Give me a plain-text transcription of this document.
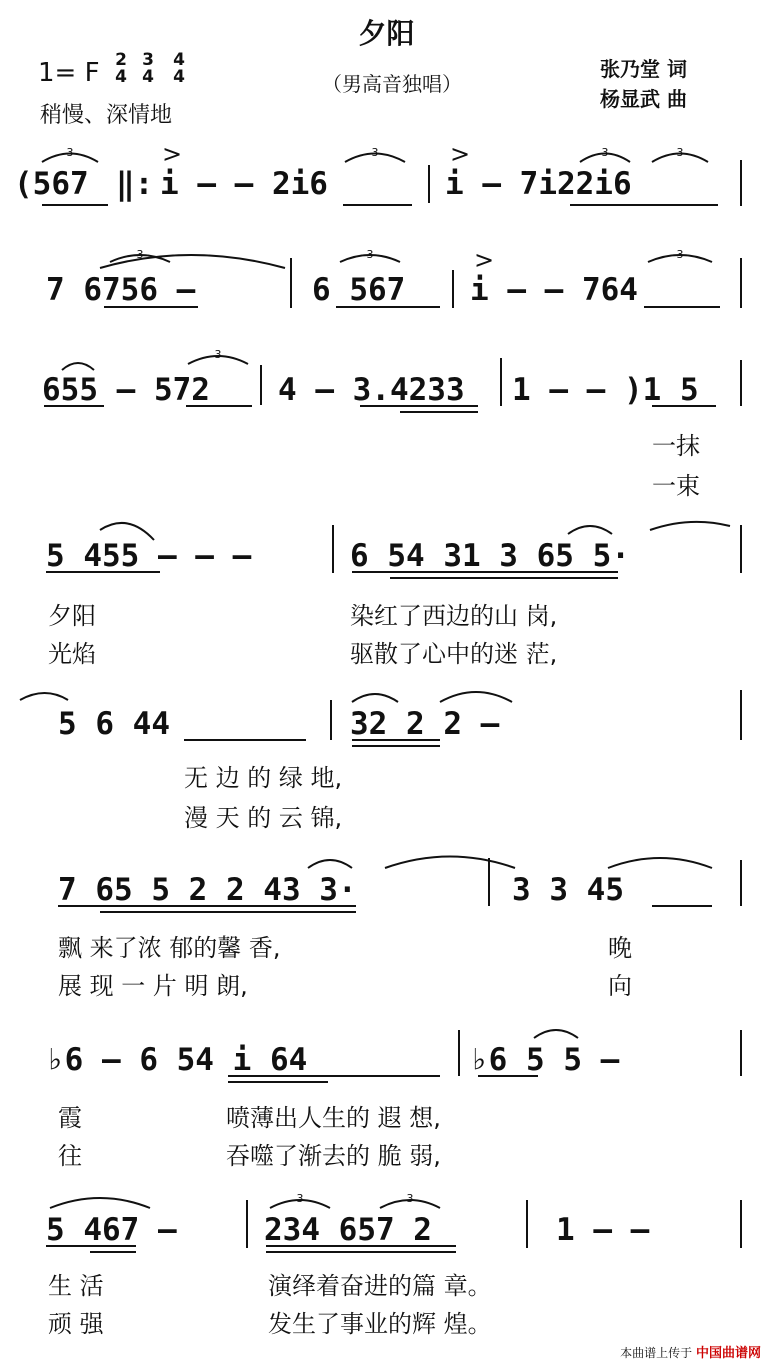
夕阳
1= F 2
4
3
4
4
4	（男高音独唱）
张乃堂 词
杨显武 曲
稍慢、深情地
(567 ‖: i – – 2i6	i – 7i22i6
7 6756 –	6 567 i – – 764
655 – 572 4 – 3.4233 1 – – )1 5
一抹
一束
5 455 – – –	6 54 31 3 65 5·
夕阳	染红了西边的山 岗,
光焰	驱散了心中的迷 茫,
5 6 44	32 2 2 –
无 边 的 绿 地,
漫 天 的 云 锦,
7 65 5 2 2 43 3·	3 3 45
飘 来了浓 郁的馨 香,	晚
展 现 一 片 明 朗,	向
♭6 – 6 54 i 64	♭6 5 5 –
霞	喷薄出人生的 遐 想,
往	吞噬了渐去的 脆 弱,
5 467 –	234 657 2	1 – –
生 活	演绎着奋进的篇 章。
顽 强	发生了事业的辉 煌。
3	3	3	3
3	3	3
3
3	3
>	>
>
本曲谱上传于 中国曲谱网
